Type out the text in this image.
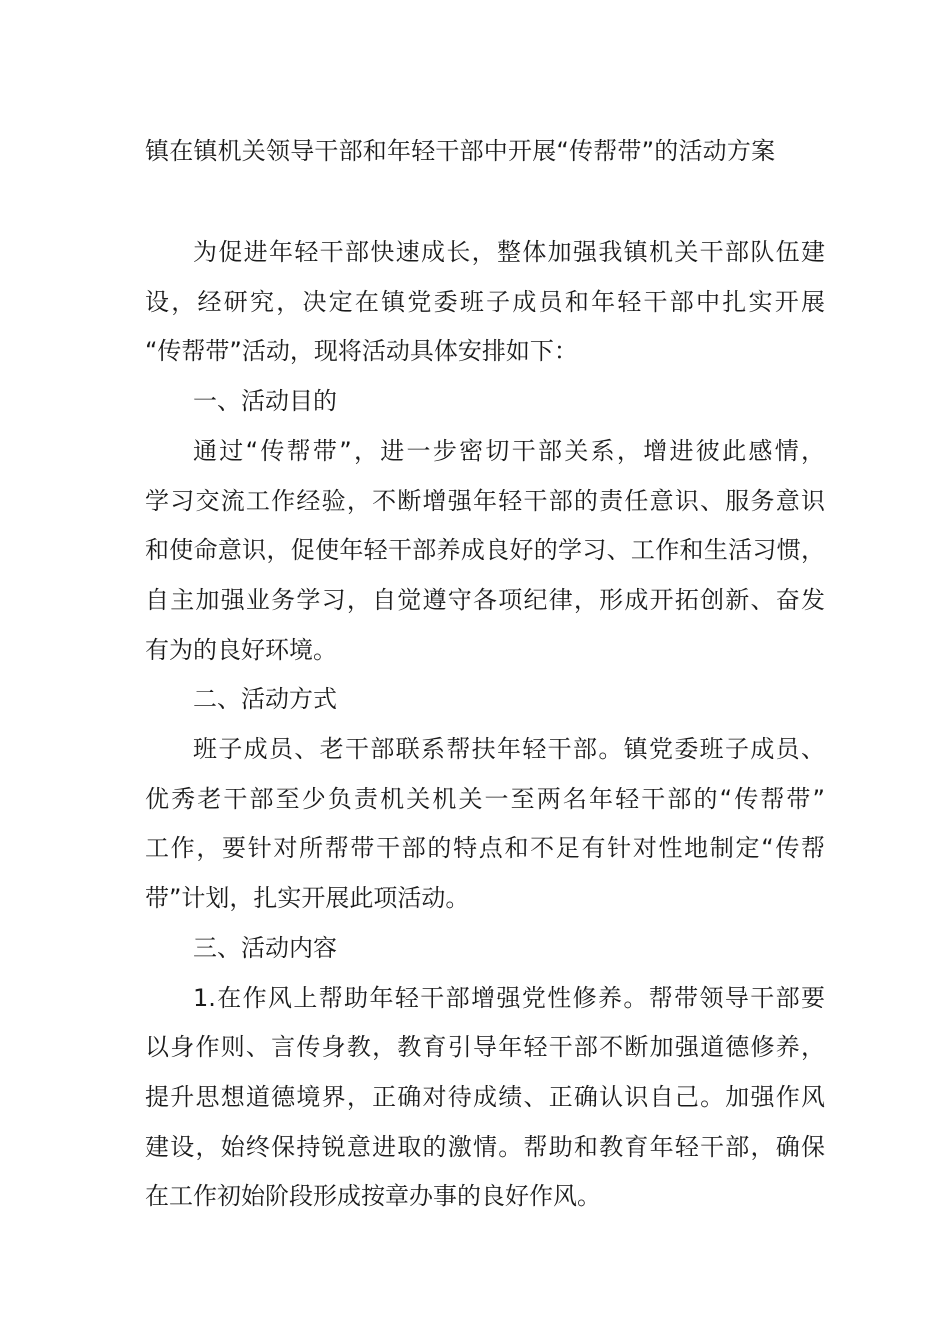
镇在镇机关领导干部和年轻干部中开展“传帮带”的活动方案
为促进年轻干部快速成长，整体加强我镇机关干部队伍建
设，经研究，决定在镇党委班子成员和年轻干部中扎实开展
“传帮带”活动，现将活动具体安排如下：
一、活动目的
通过“传帮带”，进一步密切干部关系，增进彼此感情，
学习交流工作经验，不断增强年轻干部的责任意识、服务意识
和使命意识，促使年轻干部养成良好的学习、工作和生活习惯，
自主加强业务学习，自觉遵守各项纪律，形成开拓创新、奋发
有为的良好环境。
二、活动方式
班子成员、老干部联系帮扶年轻干部。镇党委班子成员、
优秀老干部至少负责机关机关一至两名年轻干部的“传帮带”
工作，要针对所帮带干部的特点和不足有针对性地制定“传帮
带”计划，扎实开展此项活动。
三、活动内容
1.在作风上帮助年轻干部增强党性修养。帮带领导干部要
以身作则、言传身教，教育引导年轻干部不断加强道德修养，
提升思想道德境界，正确对待成绩、正确认识自己。加强作风
建设，始终保持锐意进取的激情。帮助和教育年轻干部，确保
在工作初始阶段形成按章办事的良好作风。
